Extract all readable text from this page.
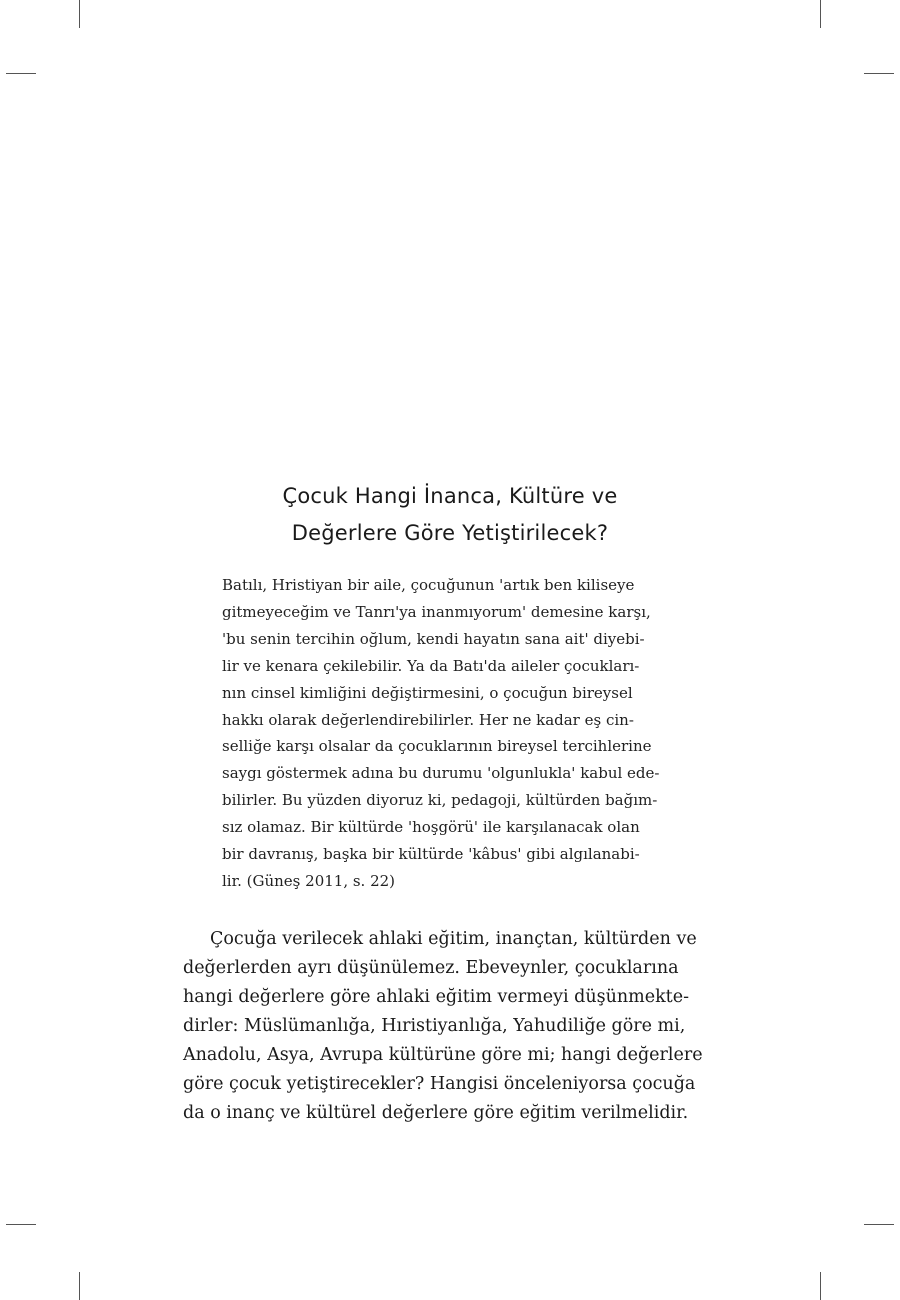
Çocuk Hangi İnanca, Kültüre ve
Değerlere Göre Yetiştirilecek?
Batılı, Hristiyan bir aile, çocuğunun 'artık ben kiliseye
gitmeyeceğim ve Tanrı'ya inanmıyorum' demesine karşı,
'bu senin tercihin oğlum, kendi hayatın sana ait' diyebi-
lir ve kenara çekilebilir. Ya da Batı'da aileler çocukları-
nın cinsel kimliğini değiştirmesini, o çocuğun bireysel
hakkı olarak değerlendirebilirler. Her ne kadar eş cin-
selliğe karşı olsalar da çocuklarının bireysel tercihlerine
saygı göstermek adına bu durumu 'olgunlukla' kabul ede-
bilirler. Bu yüzden diyoruz ki, pedagoji, kültürden bağım-
sız olamaz. Bir kültürde 'hoşgörü' ile karşılanacak olan
bir davranış, başka bir kültürde 'kâbus' gibi algılanabi-
lir. (Güneş 2011, s. 22)
Çocuğa verilecek ahlaki eğitim, inançtan, kültürden ve
değerlerden ayrı düşünülemez. Ebeveynler, çocuklarına
hangi değerlere göre ahlaki eğitim vermeyi düşünmekte-
dirler: Müslümanlığa, Hıristiyanlığa, Yahudiliğe göre mi,
Anadolu, Asya, Avrupa kültürüne göre mi; hangi değerlere
göre çocuk yetiştirecekler? Hangisi önceleniyorsa çocuğa
da o inanç ve kültürel değerlere göre eğitim verilmelidir.
